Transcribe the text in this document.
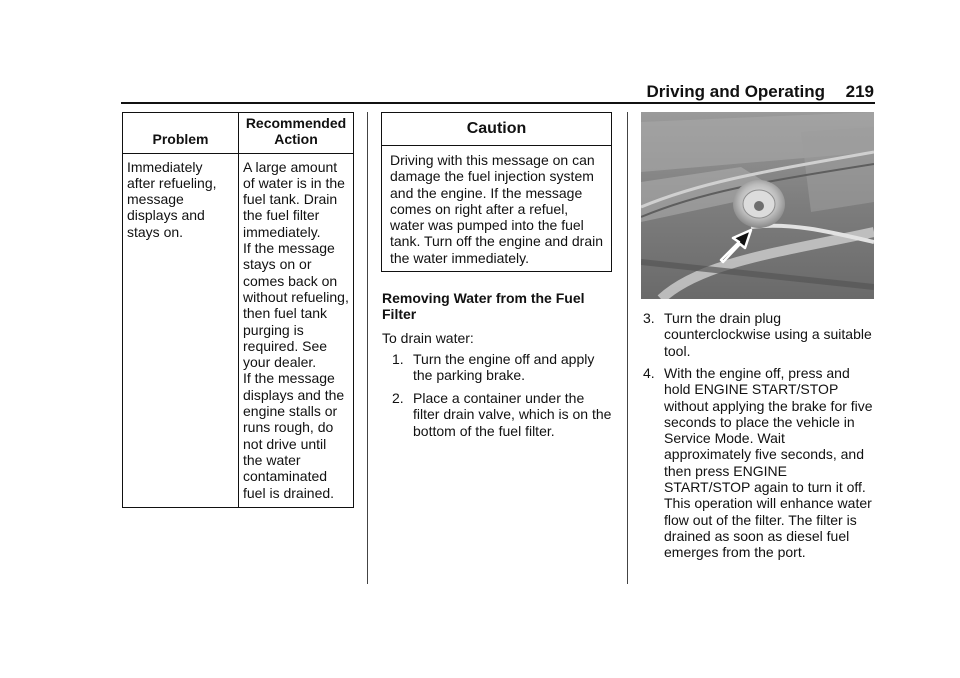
Driving and Operating	219
Problem	Recommended Action
Immediately after refueling, message displays and stays on.	A large amount of water is in the fuel tank. Drain the fuel filter immediately.
If the message stays on or comes back on without refueling, then fuel tank purging is required. See your dealer.
If the message displays and the engine stalls or runs rough, do not drive until the water contaminated fuel is drained.
Caution
Driving with this message on can damage the fuel injection system and the engine. If the message comes on right after a refuel, water was pumped into the fuel tank. Turn off the engine and drain the water immediately.
Removing Water from the Fuel Filter
To drain water:
1. Turn the engine off and apply the parking brake.
2. Place a container under the filter drain valve, which is on the bottom of the fuel filter.
3. Turn the drain plug counterclockwise using a suitable tool.
4. With the engine off, press and hold ENGINE START/STOP without applying the brake for five seconds to place the vehicle in Service Mode. Wait approximately five seconds, and then press ENGINE START/STOP again to turn it off. This operation will enhance water flow out of the filter. The filter is drained as soon as diesel fuel emerges from the port.
